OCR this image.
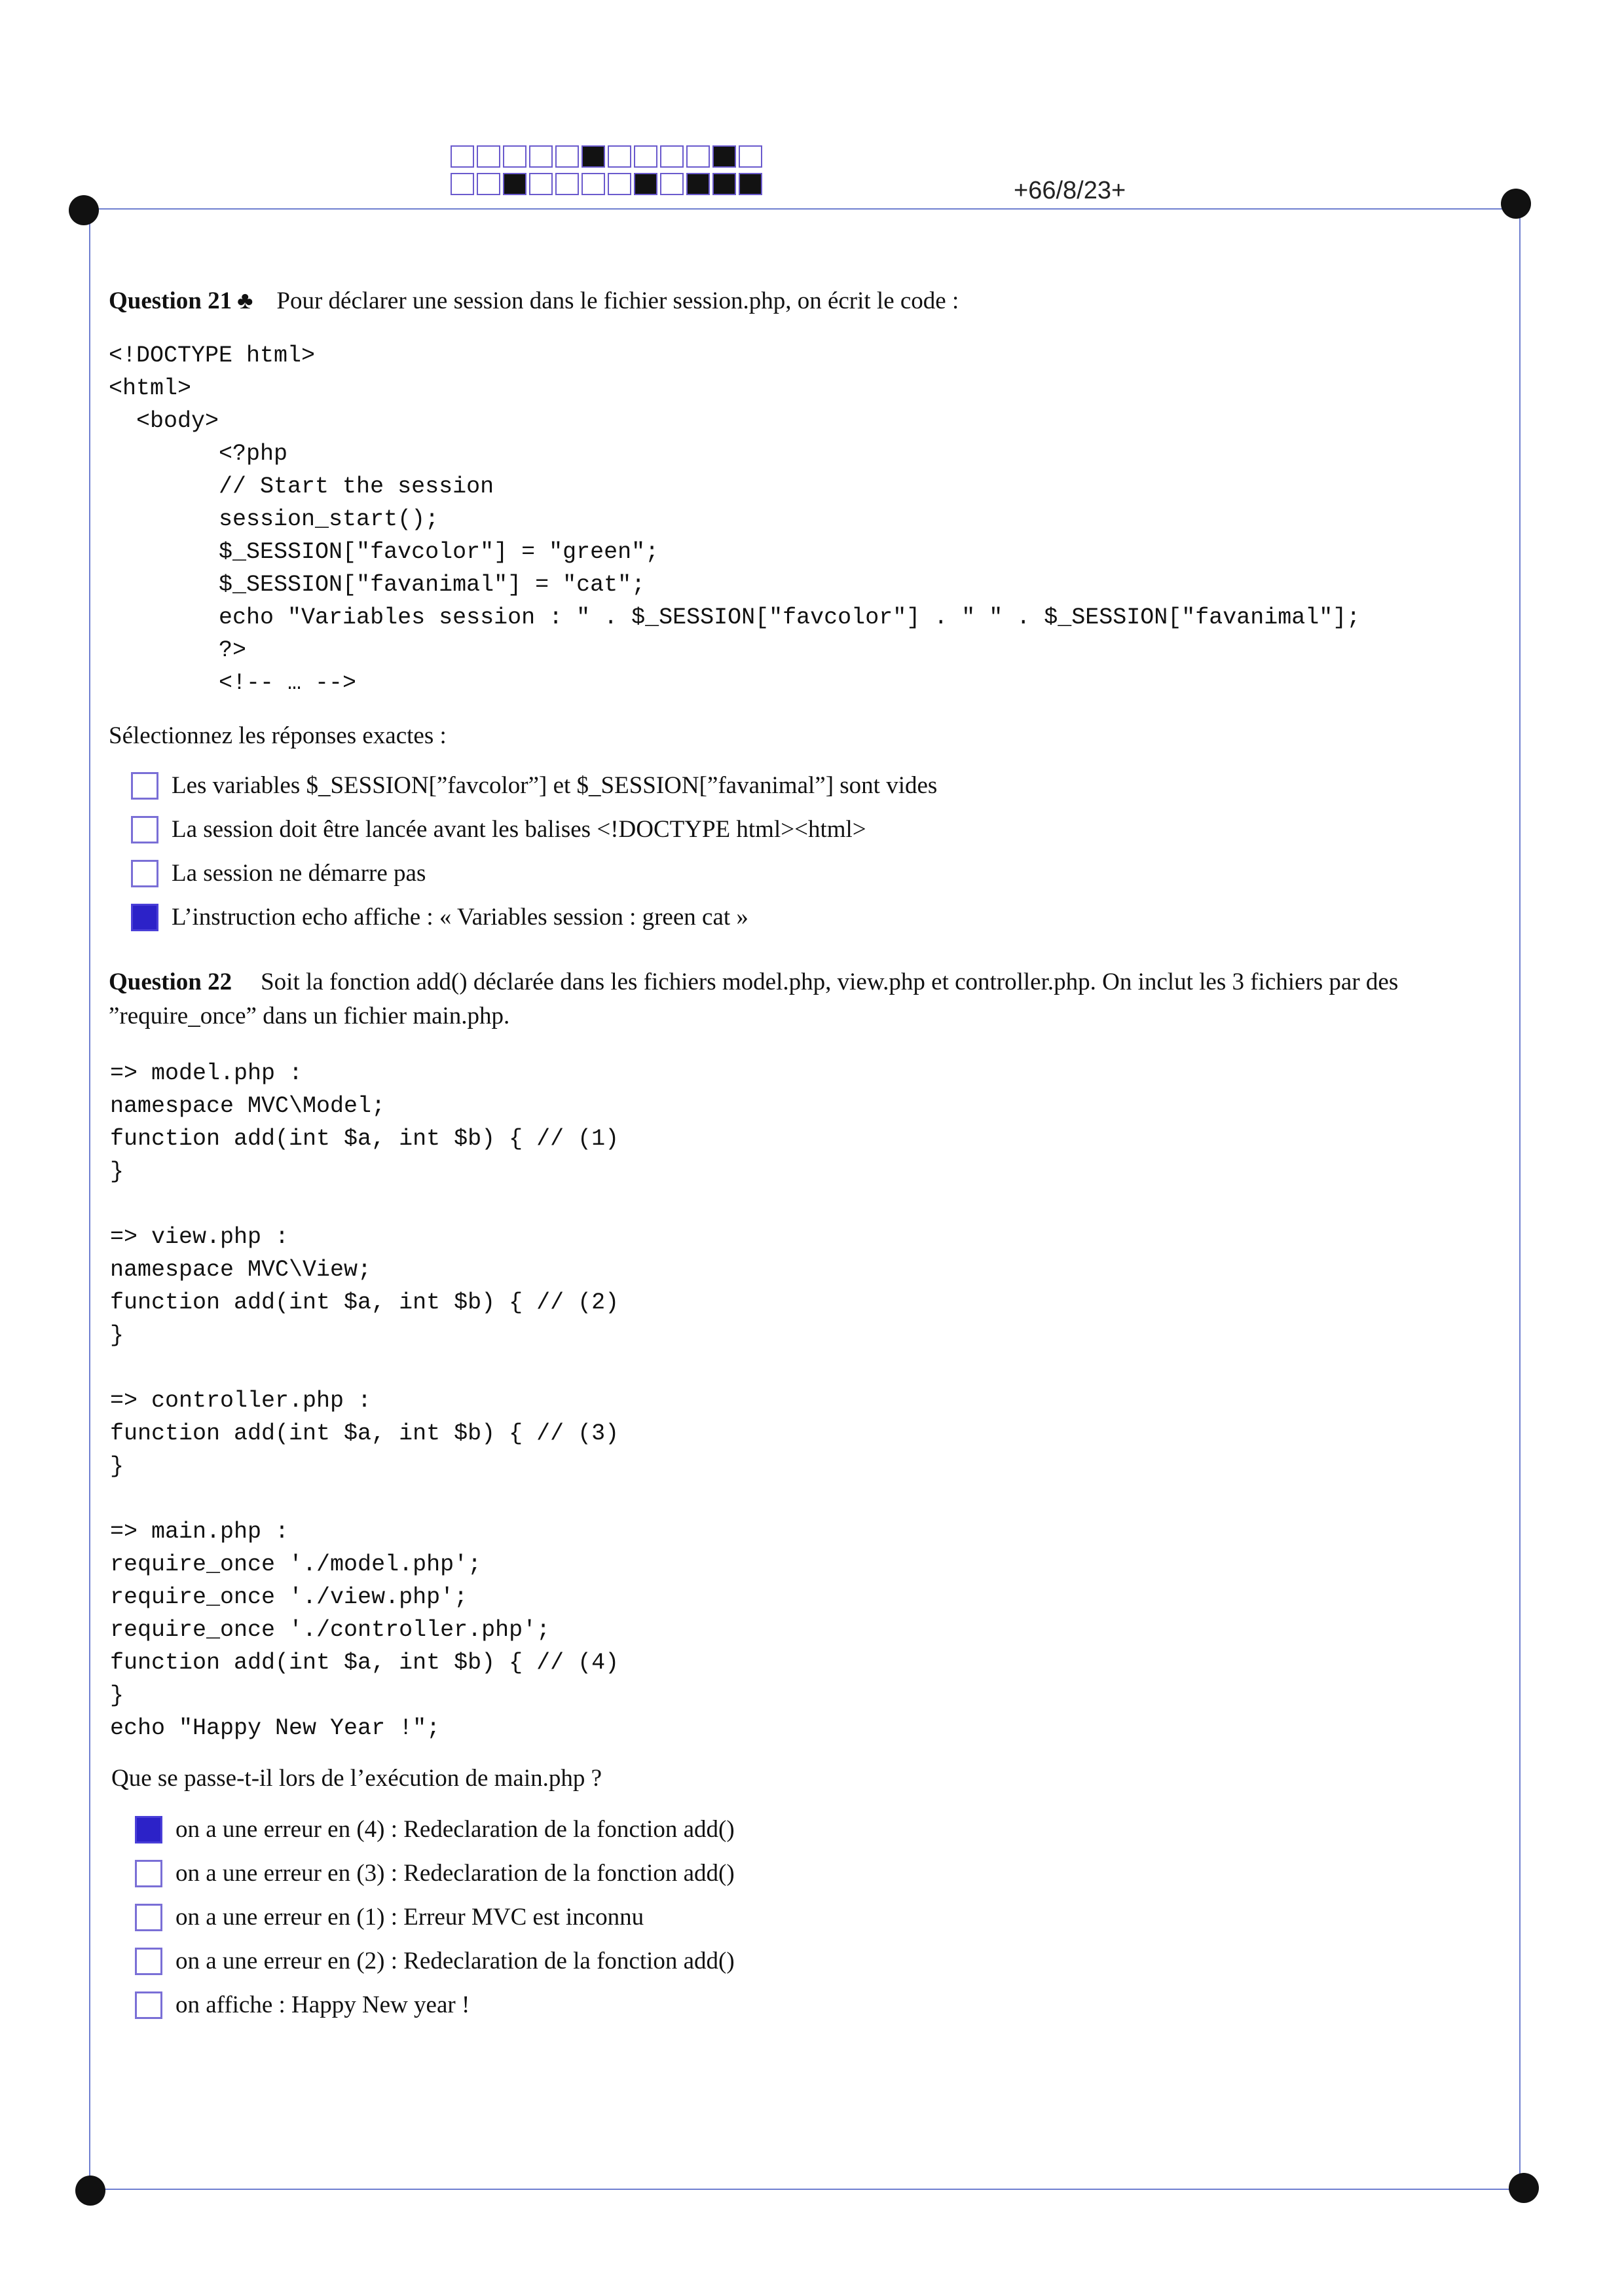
+66/8/23+
Question 21 ♣ Pour déclarer une session dans le fichier session.php, on écrit le code :
<!DOCTYPE html>
<html>
<body>
<?php
// Start the session
session_start();
$_SESSION["favcolor"] = "green";
$_SESSION["favanimal"] = "cat";
echo "Variables session : " . $_SESSION["favcolor"] . " " . $_SESSION["favanimal"];
?>
<!-- … -->
Sélectionnez les réponses exactes :
Les variables $_SESSION[”favcolor”] et $_SESSION[”favanimal”] sont vides
La session doit être lancée avant les balises <!DOCTYPE html><html>
La session ne démarre pas
L’instruction echo affiche : « Variables session : green cat »
Question 22 Soit la fonction add() déclarée dans les fichiers model.php, view.php et controller.php. On inclut les 3 fichiers par des ”require_once” dans un fichier main.php.
=> model.php :
namespace MVC\Model;
function add(int $a, int $b) { // (1)
}

=> view.php :
namespace MVC\View;
function add(int $a, int $b) { // (2)
}

=> controller.php :
function add(int $a, int $b) { // (3)
}

=> main.php :
require_once './model.php';
require_once './view.php';
require_once './controller.php';
function add(int $a, int $b) { // (4)
}
echo "Happy New Year !";
Que se passe-t-il lors de l’exécution de main.php ?
on a une erreur en (4) : Redeclaration de la fonction add()
on a une erreur en (3) : Redeclaration de la fonction add()
on a une erreur en (1) : Erreur MVC est inconnu
on a une erreur en (2) : Redeclaration de la fonction add()
on affiche : Happy New year !
